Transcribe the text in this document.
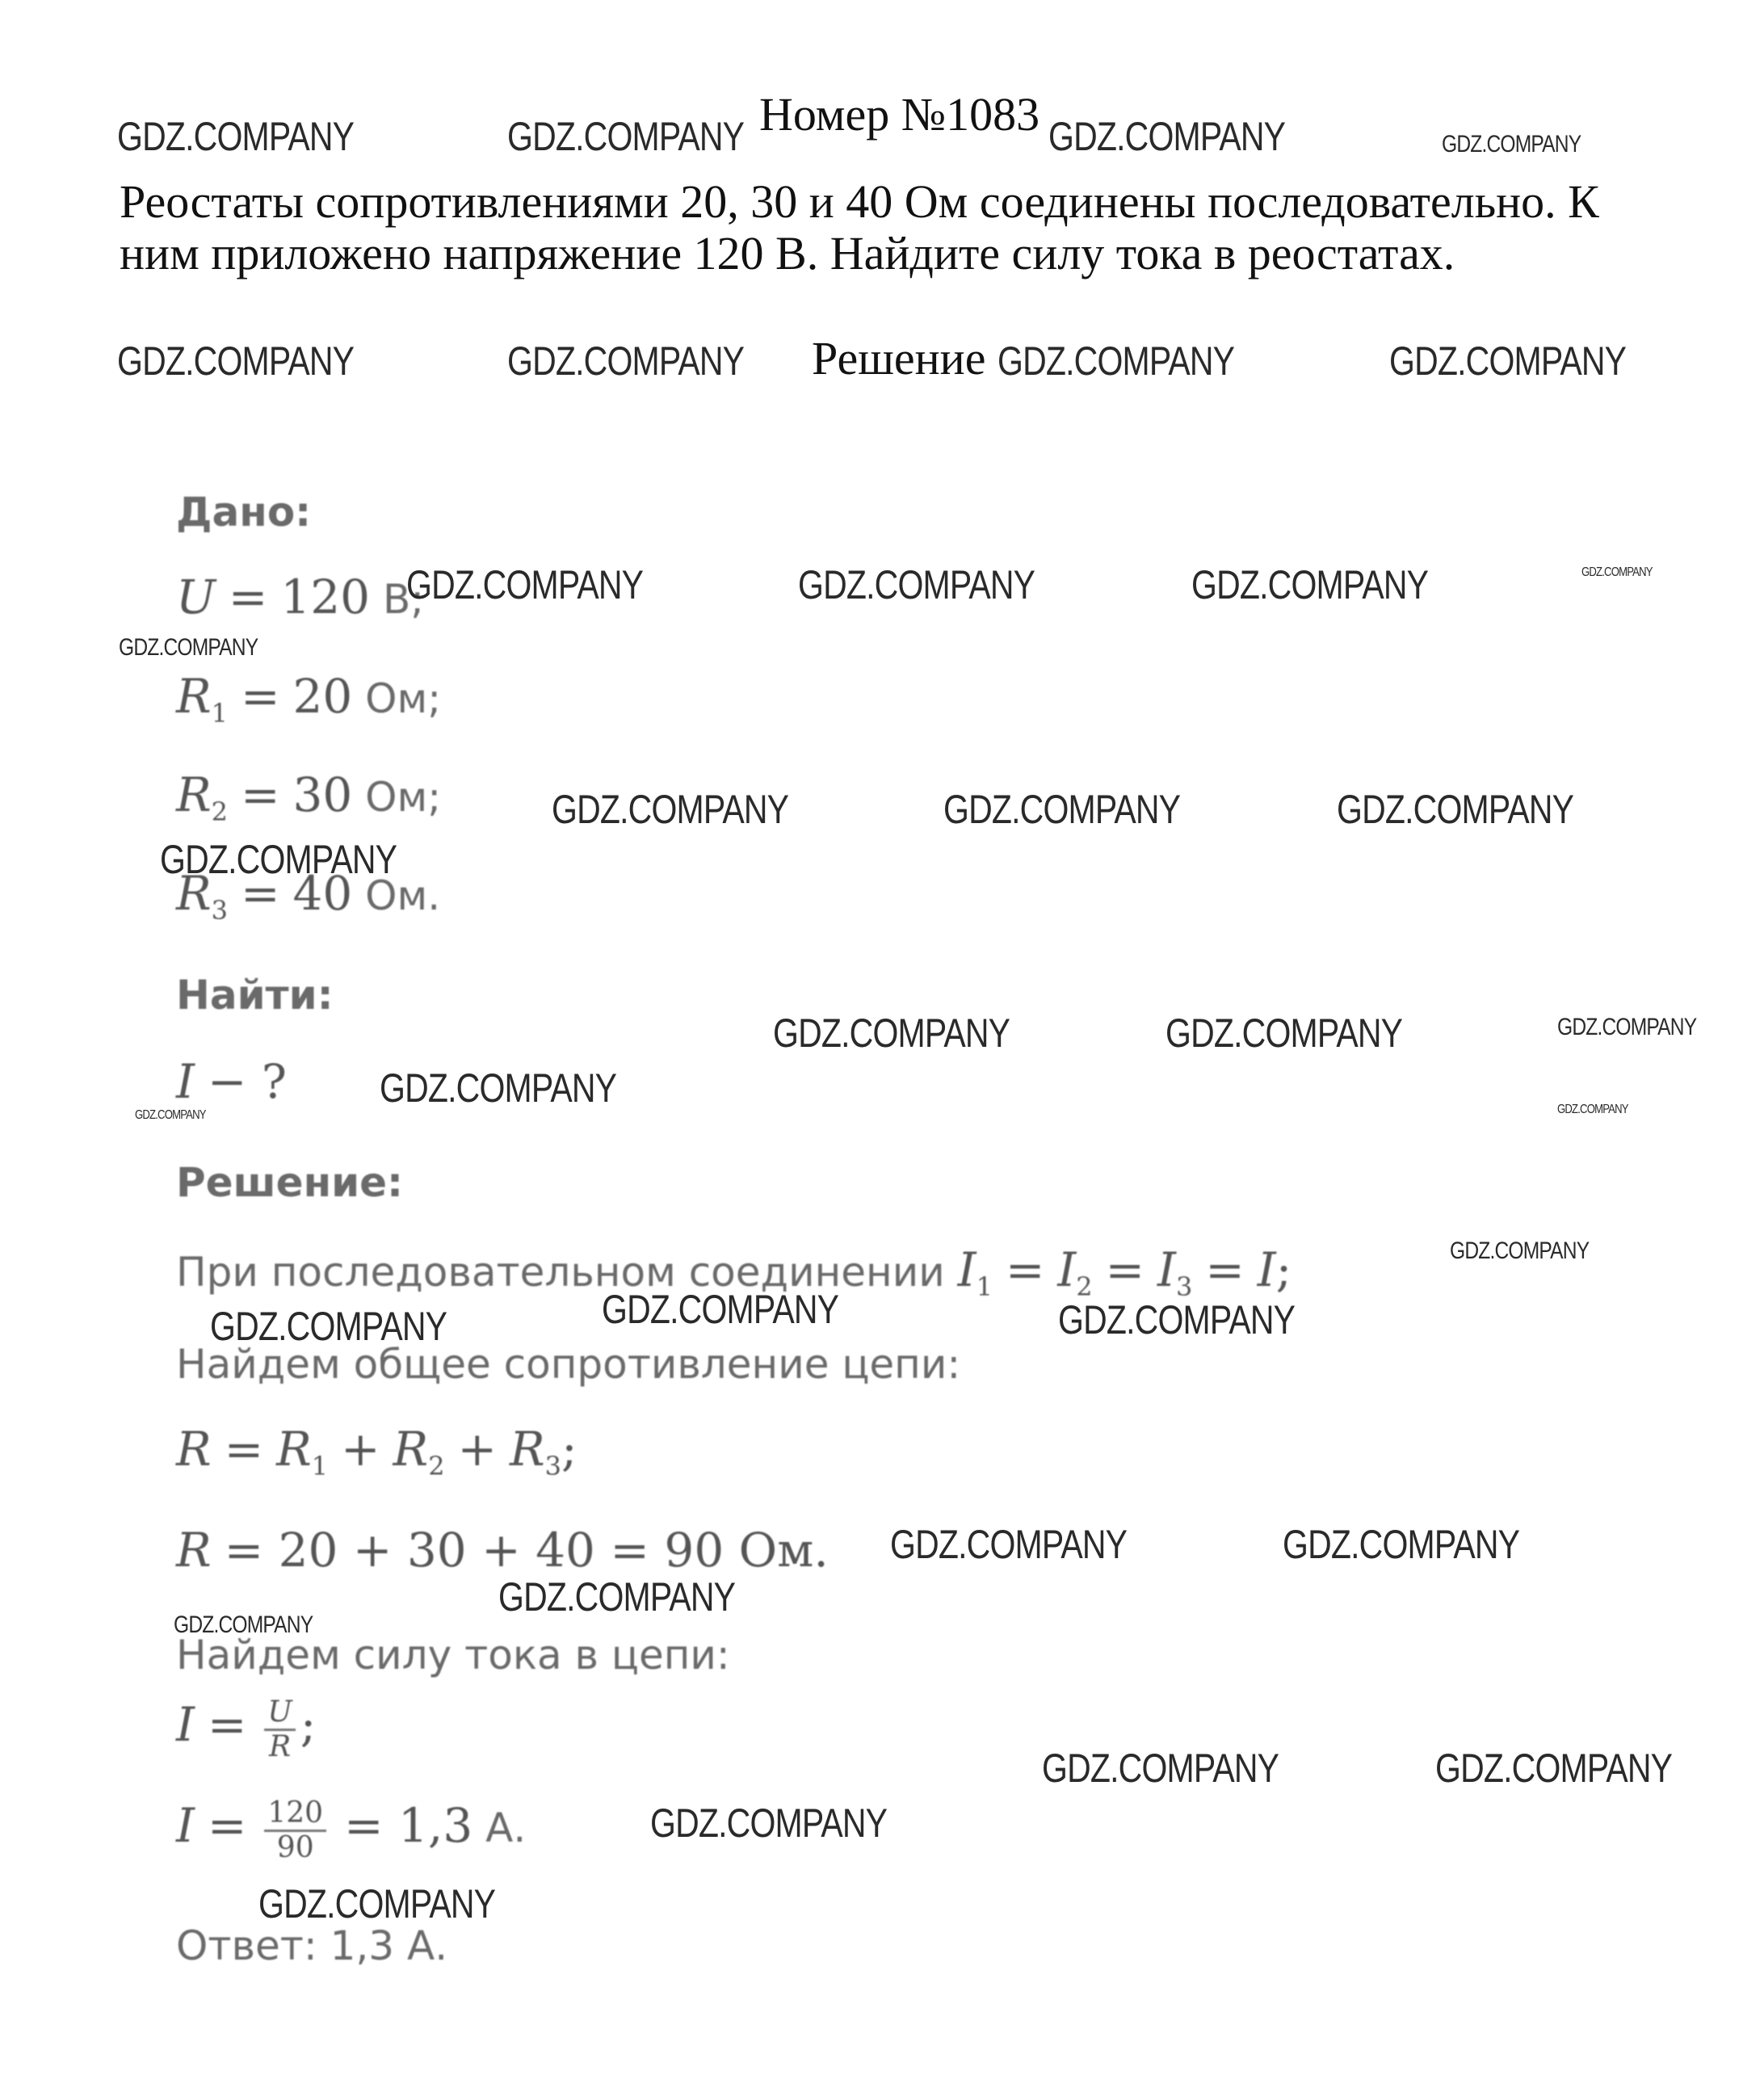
Номер №1083
Реостаты сопротивлениями 20, 30 и 40 Ом соединены последовательно. К
ним приложено напряжение 120 В. Найдите силу тока в реостатах.
Решение
Дано:
U = 120 В;
$R_1 = 20$ Ом;
$R_2 = 30$ Ом;
$R_3 = 40$ Ом.
Найти:
I − ?
Решение:
При последовательном соединении $I_1 = I_2 = I_3 = I$;
Найдем общее сопротивление цепи:
$R = R_1 + R_2 + R_3$;
R = 20 + 30 + 40 = 90 Ом.
Найдем силу тока в цепи:
$I = \frac{U}{R}$ ;
$I = \frac{120}{90} = 1,3$ А.
Ответ: 1,3 А.
GDZ.COMPANY	GDZ.COMPANY	GDZ.COMPANY	GDZ.COMPANY
GDZ.COMPANY	GDZ.COMPANY	GDZ.COMPANY	GDZ.COMPANY
GDZ.COMPANY	GDZ.COMPANY	GDZ.COMPANY	GDZ.COMPANY
GDZ.COMPANY
GDZ.COMPANY	GDZ.COMPANY	GDZ.COMPANY
GDZ.COMPANY
GDZ.COMPANY	GDZ.COMPANY	GDZ.COMPANY
GDZ.COMPANY
GDZ.COMPANY	GDZ.COMPANY
GDZ.COMPANY
GDZ.COMPANY
GDZ.COMPANY	GDZ.COMPANY
GDZ.COMPANY	GDZ.COMPANY
GDZ.COMPANY
GDZ.COMPANY
GDZ.COMPANY	GDZ.COMPANY
GDZ.COMPANY
GDZ.COMPANY
